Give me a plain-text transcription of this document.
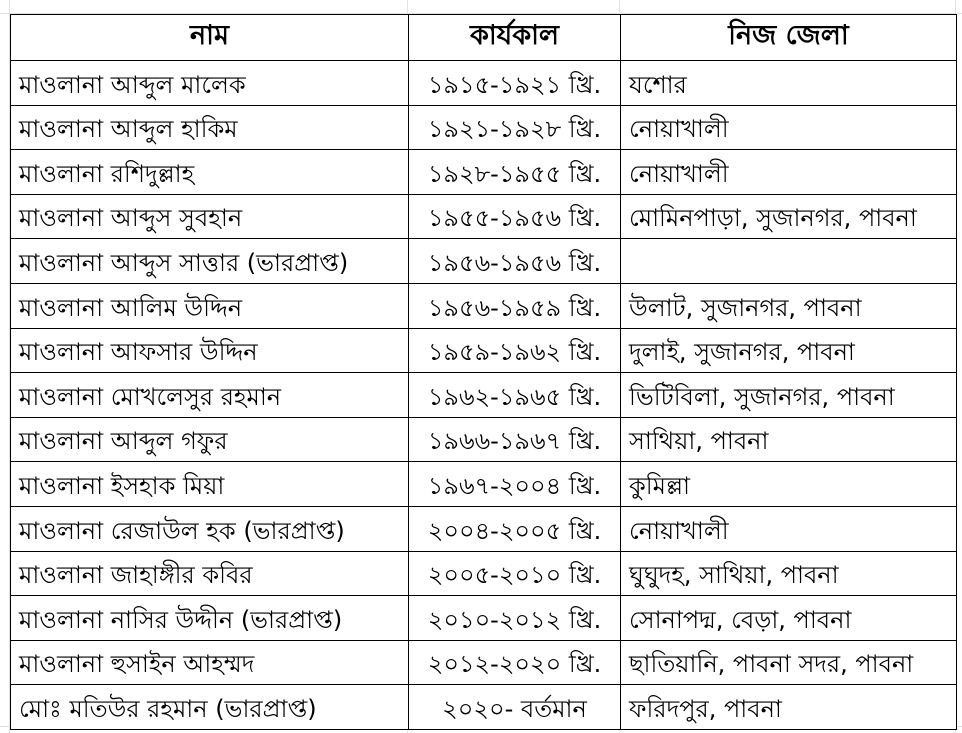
নাম	কার্যকাল	নিজ জেলা
মাওলানা আব্দুল মালেক	১৯১৫-১৯২১ খ্রি.	যশোর
মাওলানা আব্দুল হাকিম	১৯২১-১৯২৮ খ্রি.	নোয়াখালী
মাওলানা রশিদুল্লাহ	১৯২৮-১৯৫৫ খ্রি.	নোয়াখালী
মাওলানা আব্দুস সুবহান	১৯৫৫-১৯৫৬ খ্রি.	মোমিনপাড়া, সুজানগর, পাবনা
মাওলানা আব্দুস সাত্তার (ভারপ্রাপ্ত)	১৯৫৬-১৯৫৬ খ্রি.	
মাওলানা আলিম উদ্দিন	১৯৫৬-১৯৫৯ খ্রি.	উলাট, সুজানগর, পাবনা
মাওলানা আফসার উদ্দিন	১৯৫৯-১৯৬২ খ্রি.	দুলাই, সুজানগর, পাবনা
মাওলানা মোখলেসুর রহমান	১৯৬২-১৯৬৫ খ্রি.	ভিটিবিলা, সুজানগর, পাবনা
মাওলানা আব্দুল গফুর	১৯৬৬-১৯৬৭ খ্রি.	সাথিয়া, পাবনা
মাওলানা ইসহাক মিয়া	১৯৬৭-২০০৪ খ্রি.	কুমিল্লা
মাওলানা রেজাউল হক (ভারপ্রাপ্ত)	২০০৪-২০০৫ খ্রি.	নোয়াখালী
মাওলানা জাহাঙ্গীর কবির	২০০৫-২০১০ খ্রি.	ঘুঘুদহ, সাথিয়া, পাবনা
মাওলানা নাসির উদ্দীন (ভারপ্রাপ্ত)	২০১০-২০১২ খ্রি.	সোনাপদ্ম, বেড়া, পাবনা
মাওলানা হুসাইন আহম্মদ	২০১২-২০২০ খ্রি.	ছাতিয়ানি, পাবনা সদর, পাবনা
মোঃ মতিউর রহমান (ভারপ্রাপ্ত)	২০২০- বর্তমান	ফরিদপুর, পাবনা
